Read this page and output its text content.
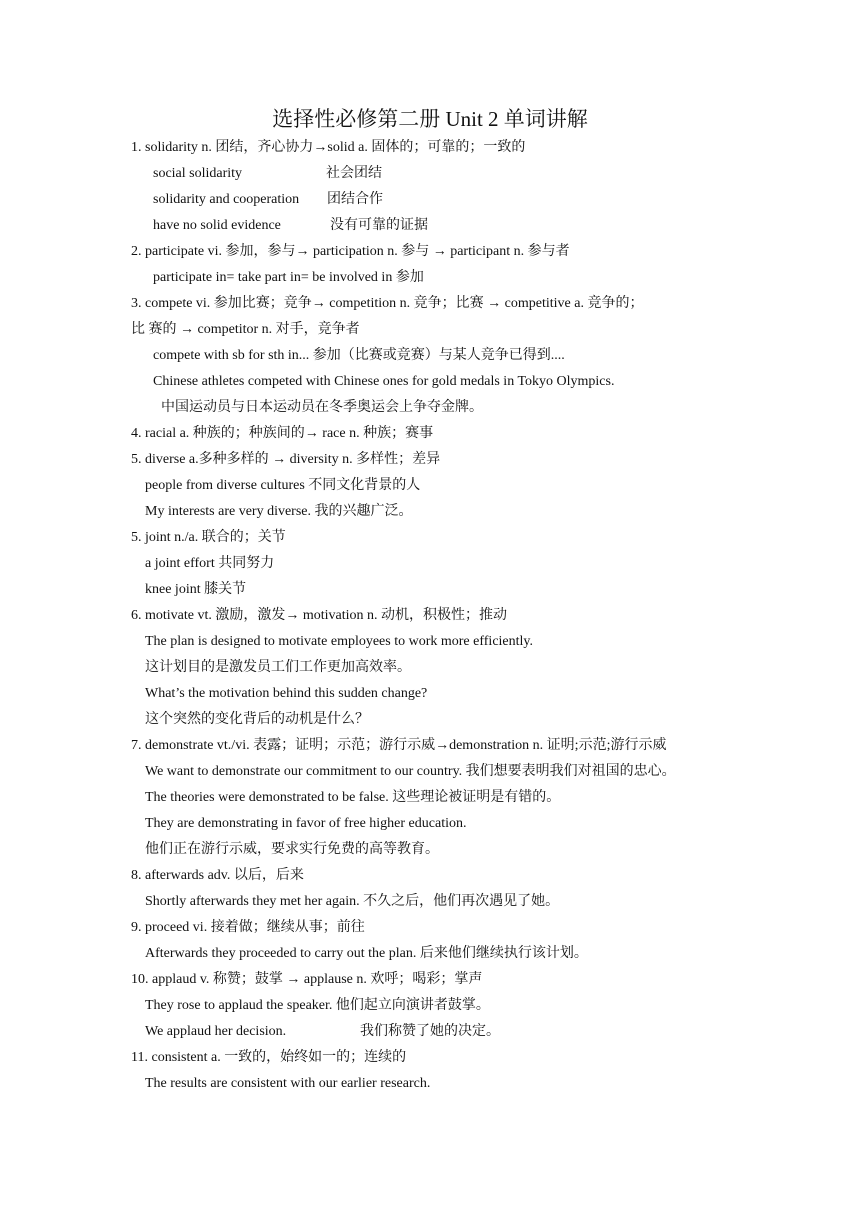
选择性必修第二册 Unit 2 单词讲解
1. solidarity n. 团结，齐心协力→solid a. 固体的；可靠的；一致的
social solidarity	社会团结
solidarity and cooperation 团结合作
have no solid evidence	没有可靠的证据
2. participate vi. 参加，参与→ participation n. 参与 → participant n. 参与者
participate in= take part in= be involved in 参加
3. compete vi. 参加比赛；竞争→ competition n. 竞争；比赛 → competitive a. 竞争的；
比 赛的 → competitor n. 对手，竞争者
compete with sb for sth in... 参加（比赛或竞赛）与某人竞争已得到....
Chinese athletes competed with Chinese ones for gold medals in Tokyo Olympics.
中国运动员与日本运动员在冬季奥运会上争夺金牌。
4. racial a. 种族的；种族间的→ race n. 种族；赛事
5. diverse a.多种多样的 → diversity n. 多样性；差异
people from diverse cultures 不同文化背景的人
My interests are very diverse. 我的兴趣广泛。
5. joint n./a. 联合的；关节
a joint effort 共同努力
knee joint 膝关节
6. motivate vt. 激励，激发→ motivation n. 动机，积极性；推动
The plan is designed to motivate employees to work more efficiently.
这计划目的是激发员工们工作更加高效率。
What’s the motivation behind this sudden change?
这个突然的变化背后的动机是什么？
7. demonstrate vt./vi. 表露；证明；示范；游行示威→demonstration n. 证明;示范;游行示威
We want to demonstrate our commitment to our country. 我们想要表明我们对祖国的忠心。
The theories were demonstrated to be false. 这些理论被证明是有错的。
They are demonstrating in favor of free higher education.
他们正在游行示威，要求实行免费的高等教育。
8. afterwards adv. 以后，后来
Shortly afterwards they met her again. 不久之后，他们再次遇见了她。
9. proceed vi. 接着做；继续从事；前往
Afterwards they proceeded to carry out the plan. 后来他们继续执行该计划。
10. applaud v. 称赞；鼓掌 → applause n. 欢呼；喝彩；掌声
They rose to applaud the speaker. 他们起立向演讲者鼓掌。
We applaud her decision.	我们称赞了她的决定。
11. consistent a. 一致的，始终如一的；连续的
The results are consistent with our earlier research.
